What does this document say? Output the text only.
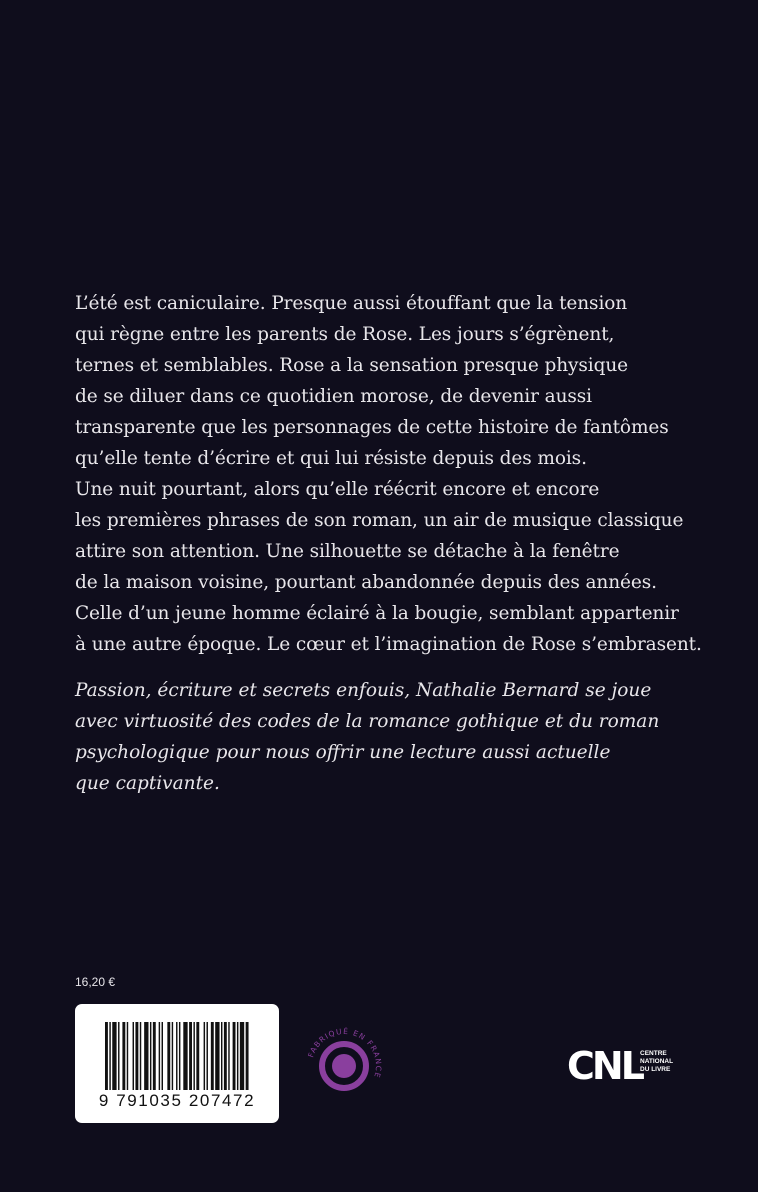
L’été est caniculaire. Presque aussi étouffant que la tension
qui règne entre les parents de Rose. Les jours s’égrènent,
ternes et semblables. Rose a la sensation presque physique
de se diluer dans ce quotidien morose, de devenir aussi
transparente que les personnages de cette histoire de fantômes
qu’elle tente d’écrire et qui lui résiste depuis des mois.
Une nuit pourtant, alors qu’elle réécrit encore et encore
les premières phrases de son roman, un air de musique classique
attire son attention. Une silhouette se détache à la fenêtre
de la maison voisine, pourtant abandonnée depuis des années.
Celle d’un jeune homme éclairé à la bougie, semblant appartenir
à une autre époque. Le cœur et l’imagination de Rose s’embrasent.
Passion, écriture et secrets enfouis, Nathalie Bernard se joue
avec virtuosité des codes de la romance gothique et du roman
psychologique pour nous offrir une lecture aussi actuelle
que captivante.
16,20 €
9 791035 207472
FABRIQUÉ EN FRANCE	CNL
CENTRE
NATIONAL
DU LIVRE
